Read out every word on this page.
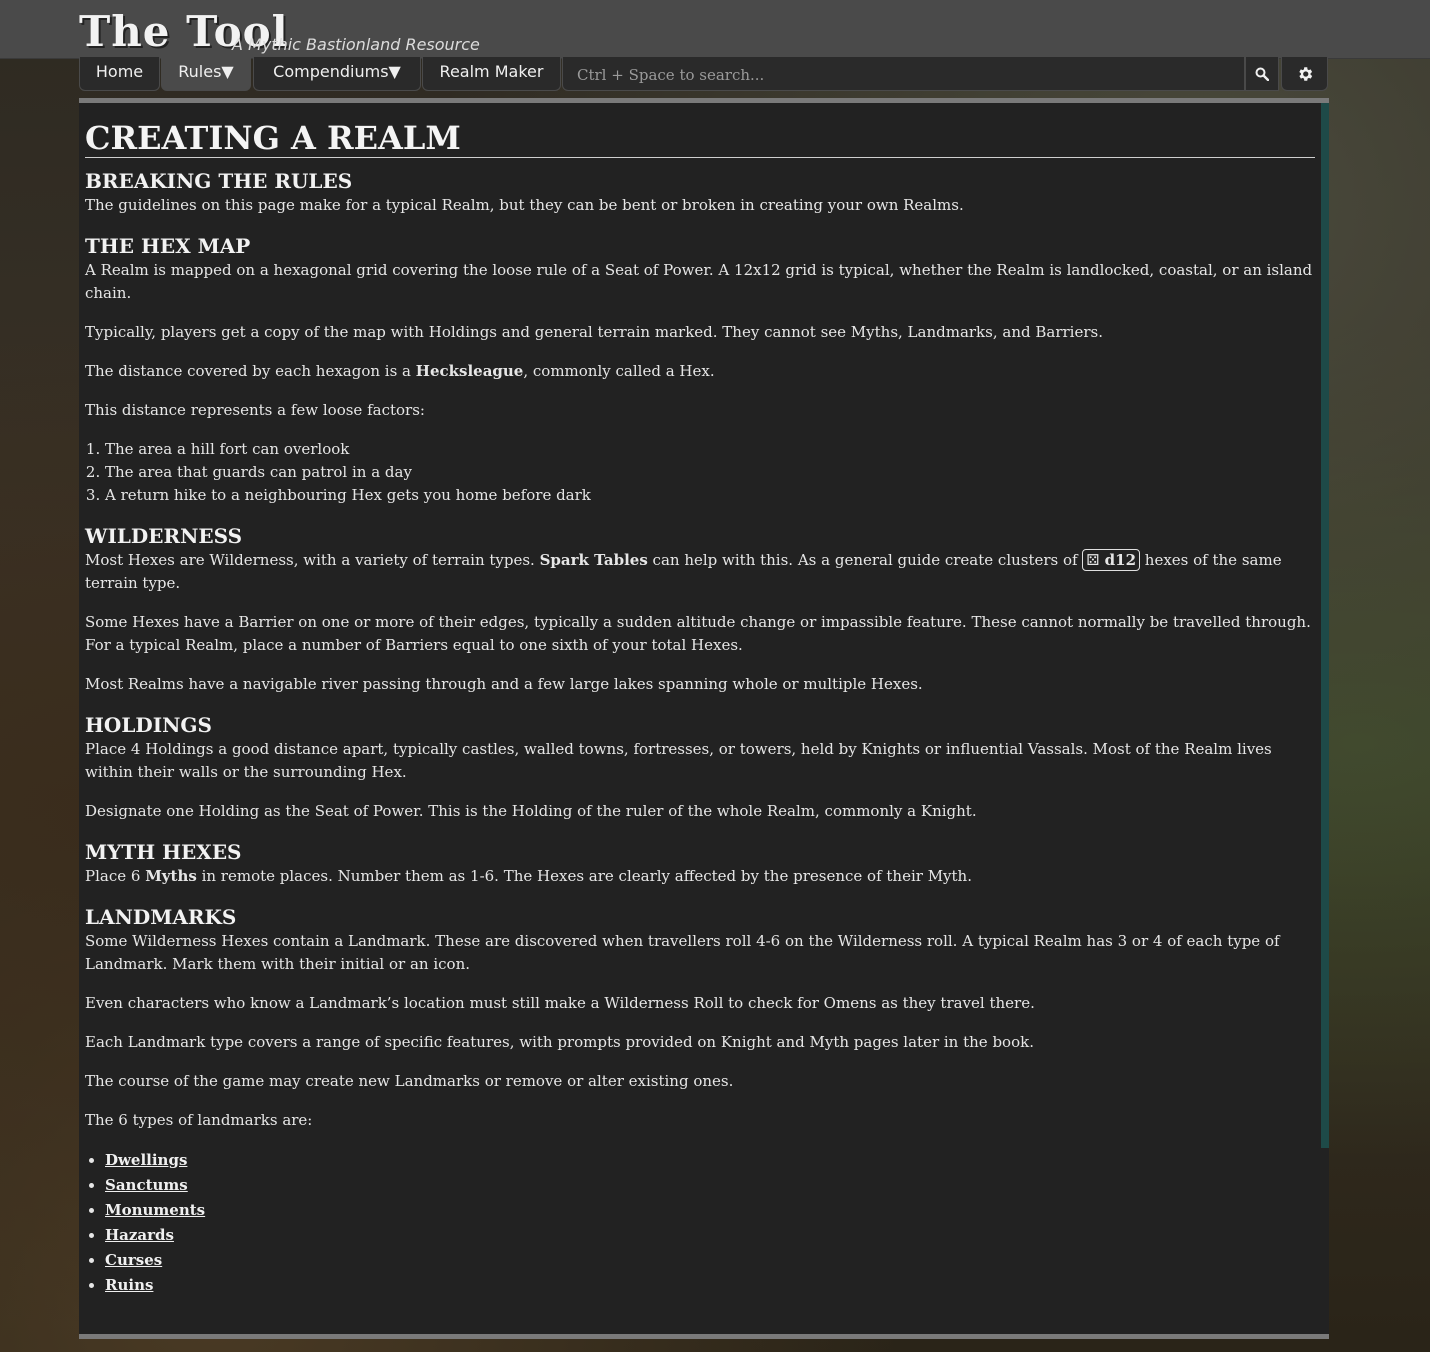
The Tool
A Mythic Bastionland Resource
Home	Rules▼	Compendiums▼	Realm Maker
Ctrl + Space to search...
CREATING A REALM
BREAKING THE RULES

The guidelines on this page make for a typical Realm, but they can be bent or broken in creating your own Realms.

THE HEX MAP

A Realm is mapped on a hexagonal grid covering the loose rule of a Seat of Power. A 12x12 grid is typical, whether the Realm is landlocked, coastal, or an island chain.

Typically, players get a copy of the map with Holdings and general terrain marked. They cannot see Myths, Landmarks, and Barriers.

The distance covered by each hexagon is a Hecksleague, commonly called a Hex.

This distance represents a few loose factors:

1. The area a hill fort can overlook
2. The area that guards can patrol in a day
3. A return hike to a neighbouring Hex gets you home before dark
WILDERNESS

Most Hexes are Wilderness, with a variety of terrain types. Spark Tables can help with this. As a general guide create clusters of ⚄ d12 hexes of the same terrain type.

Some Hexes have a Barrier on one or more of their edges, typically a sudden altitude change or impassible feature. These cannot normally be travelled through. For a typical Realm, place a number of Barriers equal to one sixth of your total Hexes.

Most Realms have a navigable river passing through and a few large lakes spanning whole or multiple Hexes.

HOLDINGS

Place 4 Holdings a good distance apart, typically castles, walled towns, fortresses, or towers, held by Knights or influential Vassals. Most of the Realm lives within their walls or the surrounding Hex.

Designate one Holding as the Seat of Power. This is the Holding of the ruler of the whole Realm, commonly a Knight.

MYTH HEXES

Place 6 Myths in remote places. Number them as 1-6. The Hexes are clearly affected by the presence of their Myth.

LANDMARKS

Some Wilderness Hexes contain a Landmark. These are discovered when travellers roll 4-6 on the Wilderness roll. A typical Realm has 3 or 4 of each type of Landmark. Mark them with their initial or an icon.

Even characters who know a Landmark’s location must still make a Wilderness Roll to check for Omens as they travel there.

Each Landmark type covers a range of specific features, with prompts provided on Knight and Myth pages later in the book.

The course of the game may create new Landmarks or remove or alter existing ones.

The 6 types of landmarks are:

• Dwellings
• Sanctums
• Monuments
• Hazards
• Curses
• Ruins
